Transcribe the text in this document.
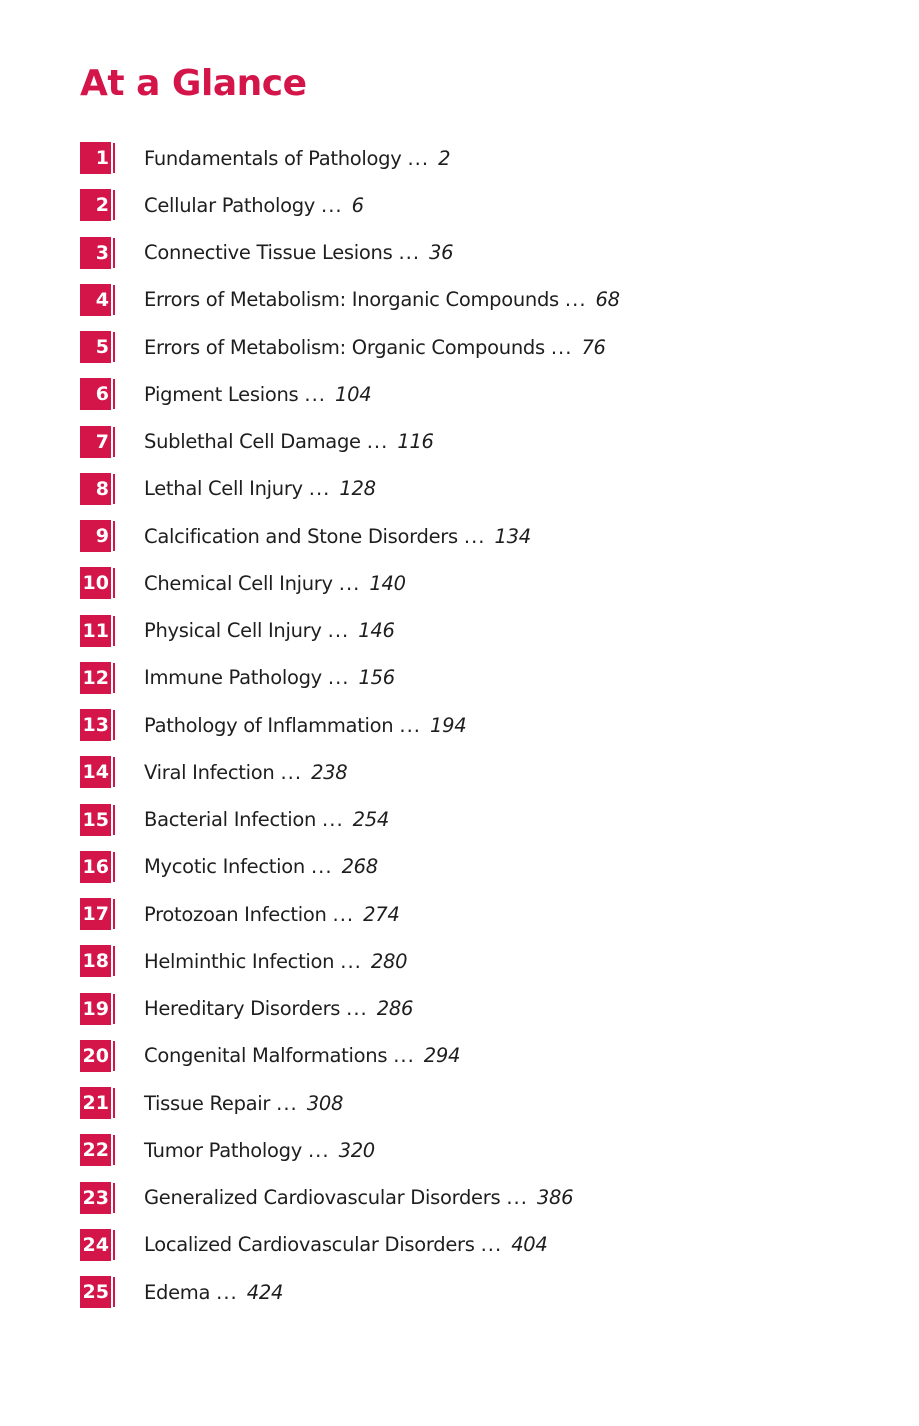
At a Glance
1 Fundamentals of Pathology ... 2
2 Cellular Pathology ... 6
3 Connective Tissue Lesions ... 36
4 Errors of Metabolism: Inorganic Compounds ... 68
5 Errors of Metabolism: Organic Compounds ... 76
6 Pigment Lesions ... 104
7 Sublethal Cell Damage ... 116
8 Lethal Cell Injury ... 128
9 Calcification and Stone Disorders ... 134
10 Chemical Cell Injury ... 140
11 Physical Cell Injury ... 146
12 Immune Pathology ... 156
13 Pathology of Inflammation ... 194
14 Viral Infection ... 238
15 Bacterial Infection ... 254
16 Mycotic Infection ... 268
17 Protozoan Infection ... 274
18 Helminthic Infection ... 280
19 Hereditary Disorders ... 286
20 Congenital Malformations ... 294
21 Tissue Repair ... 308
22 Tumor Pathology ... 320
23 Generalized Cardiovascular Disorders ... 386
24 Localized Cardiovascular Disorders ... 404
25 Edema ... 424
